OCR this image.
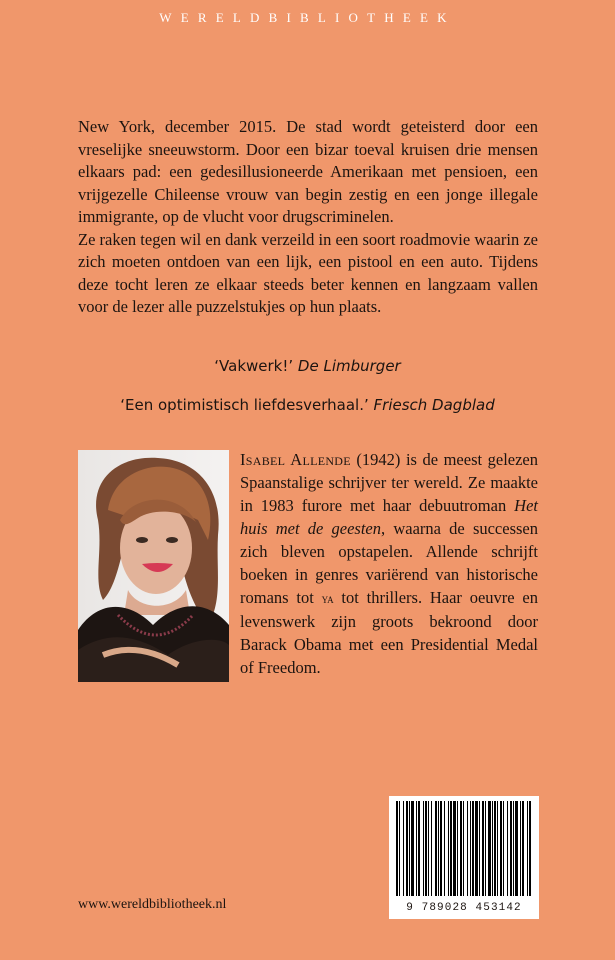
WERELDBIBLIOTHEEK

New York, december 2015. De stad wordt geteisterd door een vreselijke sneeuwstorm. Door een bizar toeval kruisen drie mensen elkaars pad: een gedesillusioneerde Amerikaan met pensioen, een vrijgezelle Chileense vrouw van begin zestig en een jonge illegale immigrante, op de vlucht voor drugscriminelen.

Ze raken tegen wil en dank verzeild in een soort roadmovie waarin ze zich moeten ontdoen van een lijk, een pistool en een auto. Tijdens deze tocht leren ze elkaar steeds beter kennen en langzaam vallen voor de lezer alle puzzelstukjes op hun plaats.

‘Vakwerk!’ De Limburger
‘Een optimistisch liefdesverhaal.’ Friesch Dagblad
Isabel Allende (1942) is de meest gelezen Spaanstalige schrijver ter wereld. Ze maakte in 1983 furore met haar debuutroman Het huis met de geesten, waarna de successen zich bleven opstapelen. Allende schrijft boeken in genres variërend van historische romans tot ya tot thrillers. Haar oeuvre en levenswerk zijn groots bekroond door Barack Obama met een Presidential Medal of Freedom.
9 789028 453142
www.wereldbibliotheek.nl
